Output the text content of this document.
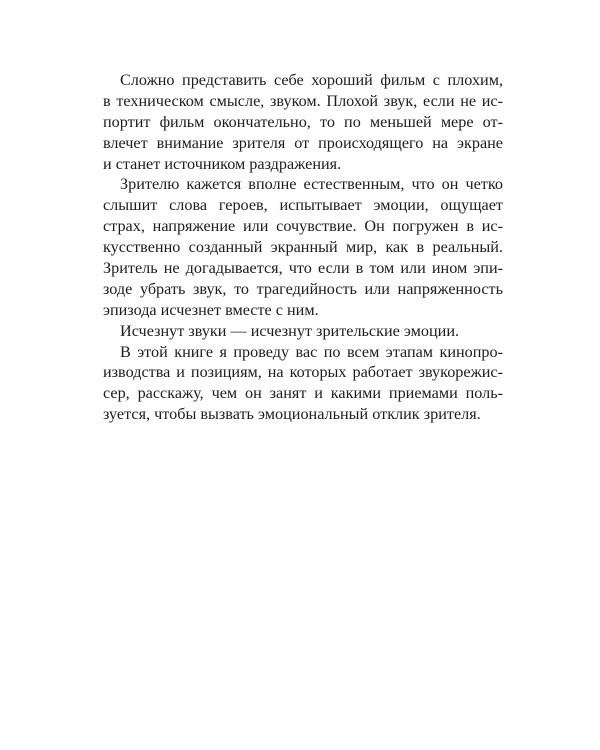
Сложно представить себе хороший фильм с плохим,
в техническом смысле, звуком. Плохой звук, если не ис-
портит фильм окончательно, то по меньшей мере от-
влечет внимание зрителя от происходящего на экране
и станет источником раздражения.
Зрителю кажется вполне естественным, что он четко
слышит слова героев, испытывает эмоции, ощущает
страх, напряжение или сочувствие. Он погружен в ис-
кусственно созданный экранный мир, как в реальный.
Зритель не догадывается, что если в том или ином эпи-
зоде убрать звук, то трагедийность или напряженность
эпизода исчезнет вместе с ним.
Исчезнут звуки — исчезнут зрительские эмоции.
В этой книге я проведу вас по всем этапам кинопро-
изводства и позициям, на которых работает звукорежис-
сер, расскажу, чем он занят и какими приемами поль-
зуется, чтобы вызвать эмоциональный отклик зрителя.
